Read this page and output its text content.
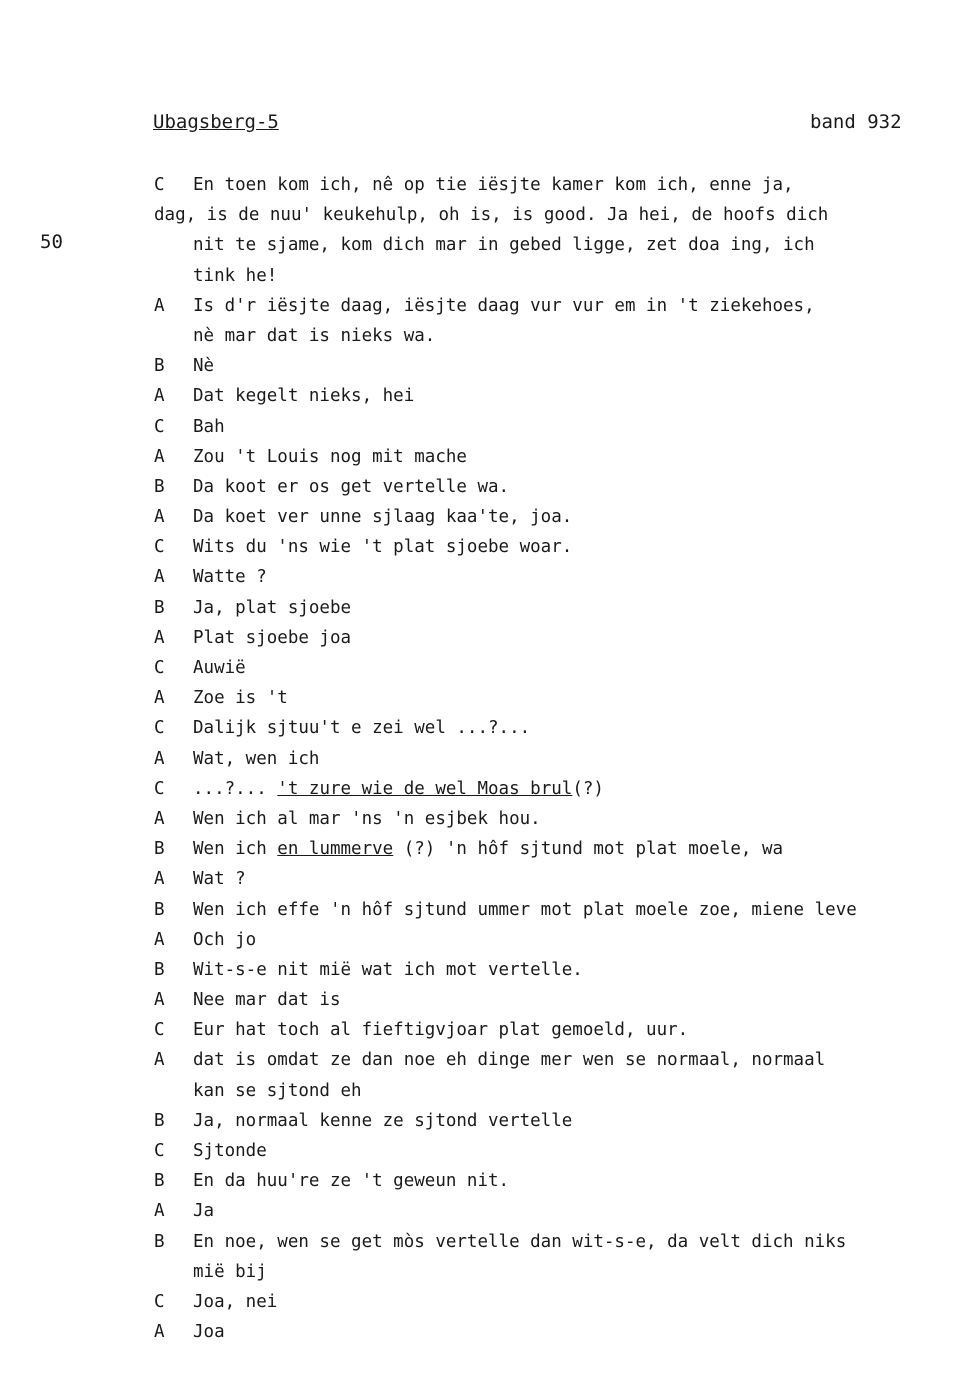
Ubagsberg-5	band 932
50
C En toen kom ich, nê op tie iësjte kamer kom ich, enne ja,
dag, is de nuu' keukehulp, oh is, is good. Ja hei, de hoofs dich
nit te sjame, kom dich mar in gebed ligge, zet doa ing, ich
tink he!
A Is d'r iësjte daag, iësjte daag vur vur em in 't ziekehoes,
nè mar dat is nieks wa.
B Nè
A Dat kegelt nieks, hei
C Bah
A Zou 't Louis nog mit mache
B Da koot er os get vertelle wa.
A Da koet ver unne sjlaag kaa'te, joa.
C Wits du 'ns wie 't plat sjoebe woar.
A Watte ?
B Ja, plat sjoebe
A Plat sjoebe joa
C Auwië
A Zoe is 't
C Dalijk sjtuu't e zei wel ...?...
A Wat, wen ich
C ...?... 't zure wie de wel Moas brul(?)
A Wen ich al mar 'ns 'n esjbek hou.
B Wen ich en lummerve (?) 'n hôf sjtund mot plat moele, wa
A Wat ?
B Wen ich effe 'n hôf sjtund ummer mot plat moele zoe, miene leve
A Och jo
B Wit-s-e nit mië wat ich mot vertelle.
A Nee mar dat is
C Eur hat toch al fieftigvjoar plat gemoeld, uur.
A dat is omdat ze dan noe eh dinge mer wen se normaal, normaal
kan se sjtond eh
B Ja, normaal kenne ze sjtond vertelle
C Sjtonde
B En da huu're ze 't geweun nit.
A Ja
B En noe, wen se get mòs vertelle dan wit-s-e, da velt dich niks
mië bij
C Joa, nei
A Joa
